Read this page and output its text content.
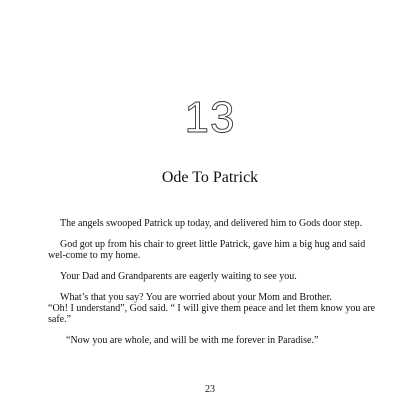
13
Ode To Patrick

The angels swooped Patrick up today, and delivered him to Gods door step.

God got up from his chair to greet little Patrick, gave him a big hug and said wel-come to my home.

Your Dad and Grandparents are eagerly waiting to see you.

What’s that you say? You are worried about your Mom and Brother.

“Oh! I understand”, God said. “ I will give them peace and let them know you are safe.”

“Now you are whole, and will be with me forever in Paradise.”

23
